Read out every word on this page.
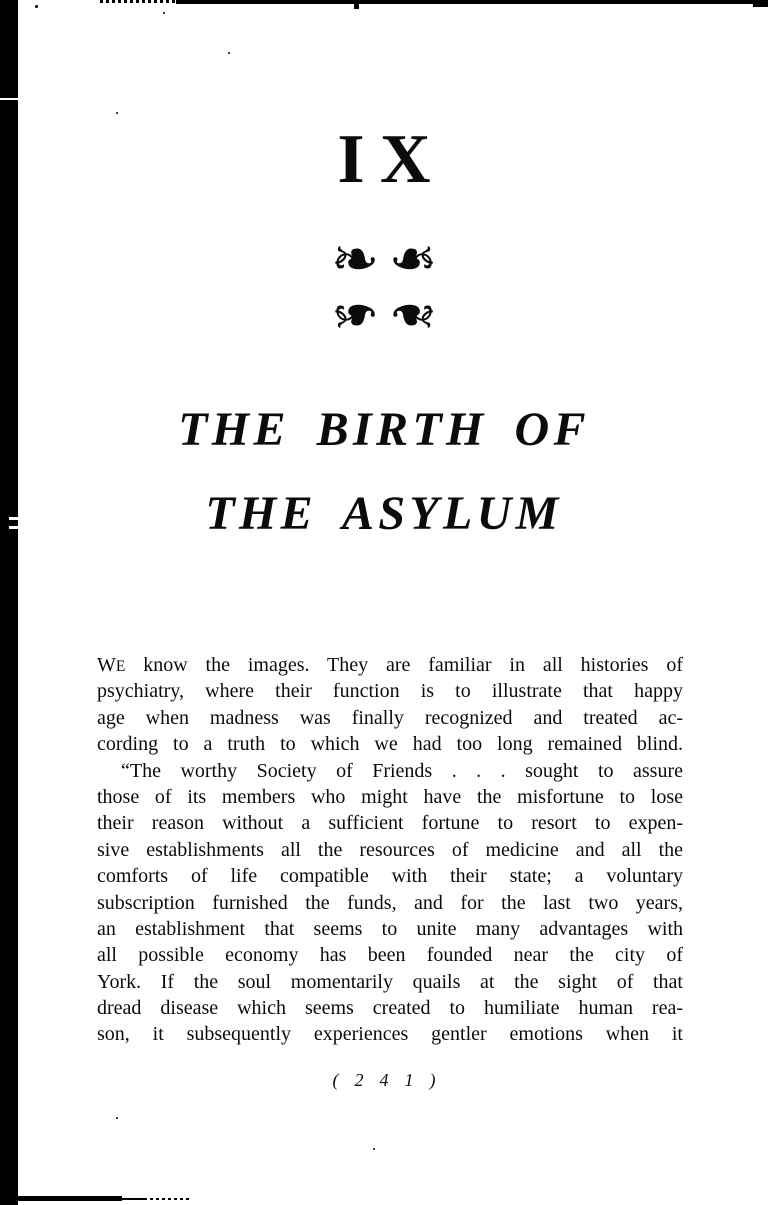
IX
❧ ❧
❧ ❧
THE BIRTH OF
THE ASYLUM
WE know the images. They are familiar in all histories of
psychiatry, where their function is to illustrate that happy
age when madness was finally recognized and treated ac-
cording to a truth to which we had too long remained blind.
“The worthy Society of Friends . . . sought to assure
those of its members who might have the misfortune to lose
their reason without a sufficient fortune to resort to expen-
sive establishments all the resources of medicine and all the
comforts of life compatible with their state; a voluntary
subscription furnished the funds, and for the last two years,
an establishment that seems to unite many advantages with
all possible economy has been founded near the city of
York. If the soul momentarily quails at the sight of that
dread disease which seems created to humiliate human rea-
son, it subsequently experiences gentler emotions when it
( 2 4 1 )
